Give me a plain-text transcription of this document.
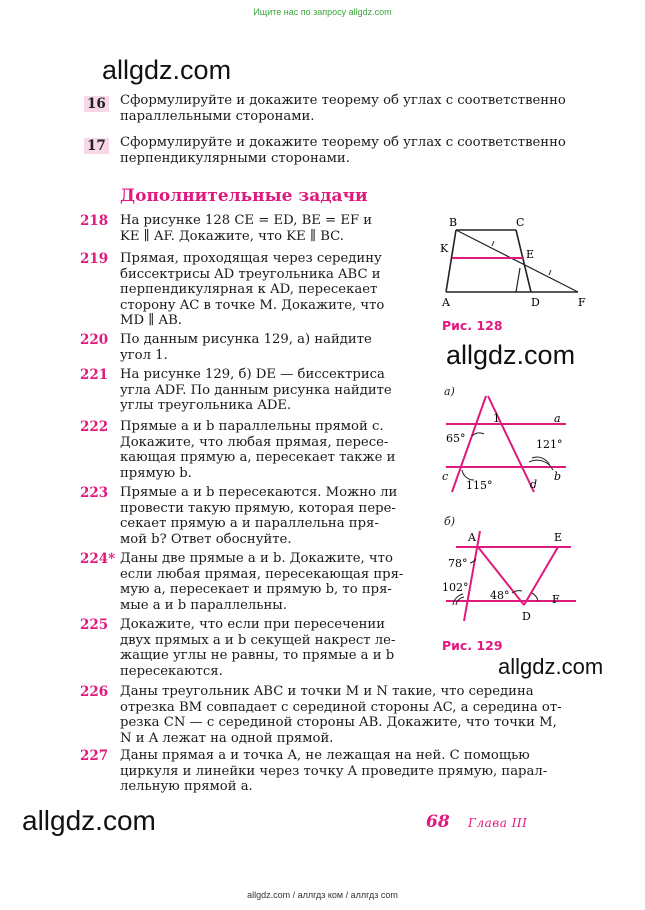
Ищите нас по запросу allgdz.com
allgdz.com
allgdz.com
allgdz.com
allgdz.com
16 Сформулируйте и докажите теорему об углах с соответственно
параллельными сторонами.
17 Сформулируйте и докажите теорему об углах с соответственно
перпендикулярными сторонами.
Дополнительные задачи
218 На рисунке 128 CE = ED, BE = EF и
KE ∥ AF. Докажите, что KE ∥ BC.
219 Прямая, проходящая через середину
биссектрисы AD треугольника ABC и
перпендикулярная к AD, пересекает
сторону AC в точке M. Докажите, что
MD ∥ AB.
220 По данным рисунка 129, а) найдите
угол 1.
221 На рисунке 129, б) DE — биссектриса
угла ADF. По данным рисунка найдите
углы треугольника ADE.
222 Прямые a и b параллельны прямой c.
Докажите, что любая прямая, пересе-
кающая прямую a, пересекает также и
прямую b.
223 Прямые a и b пересекаются. Можно ли
провести такую прямую, которая пере-
секает прямую a и параллельна пря-
мой b? Ответ обоснуйте.
224* Даны две прямые a и b. Докажите, что
если любая прямая, пересекающая пря-
мую a, пересекает и прямую b, то пря-
мые a и b параллельны.
225 Докажите, что если при пересечении
двух прямых a и b секущей накрест ле-
жащие углы не равны, то прямые a и b
пересекаются.
226 Даны треугольник ABC и точки M и N такие, что середина
отрезка BM совпадает с серединой стороны AC, а середина от-
резка CN — с серединой стороны AB. Докажите, что точки M,
N и A лежат на одной прямой.
227 Даны прямая a и точка A, не лежащая на ней. С помощью
циркуля и линейки через точку A проведите прямую, парал-
лельную прямой a.
B	C
K	E
A	D	F
Рис. 128
а)
1
65°	121°
115°
a
b
c
d
б)
A	E
D
F
78°
102°
48°
Рис. 129
68 Глава III
allgdz.com / аллгдз ком / аллгдз com
